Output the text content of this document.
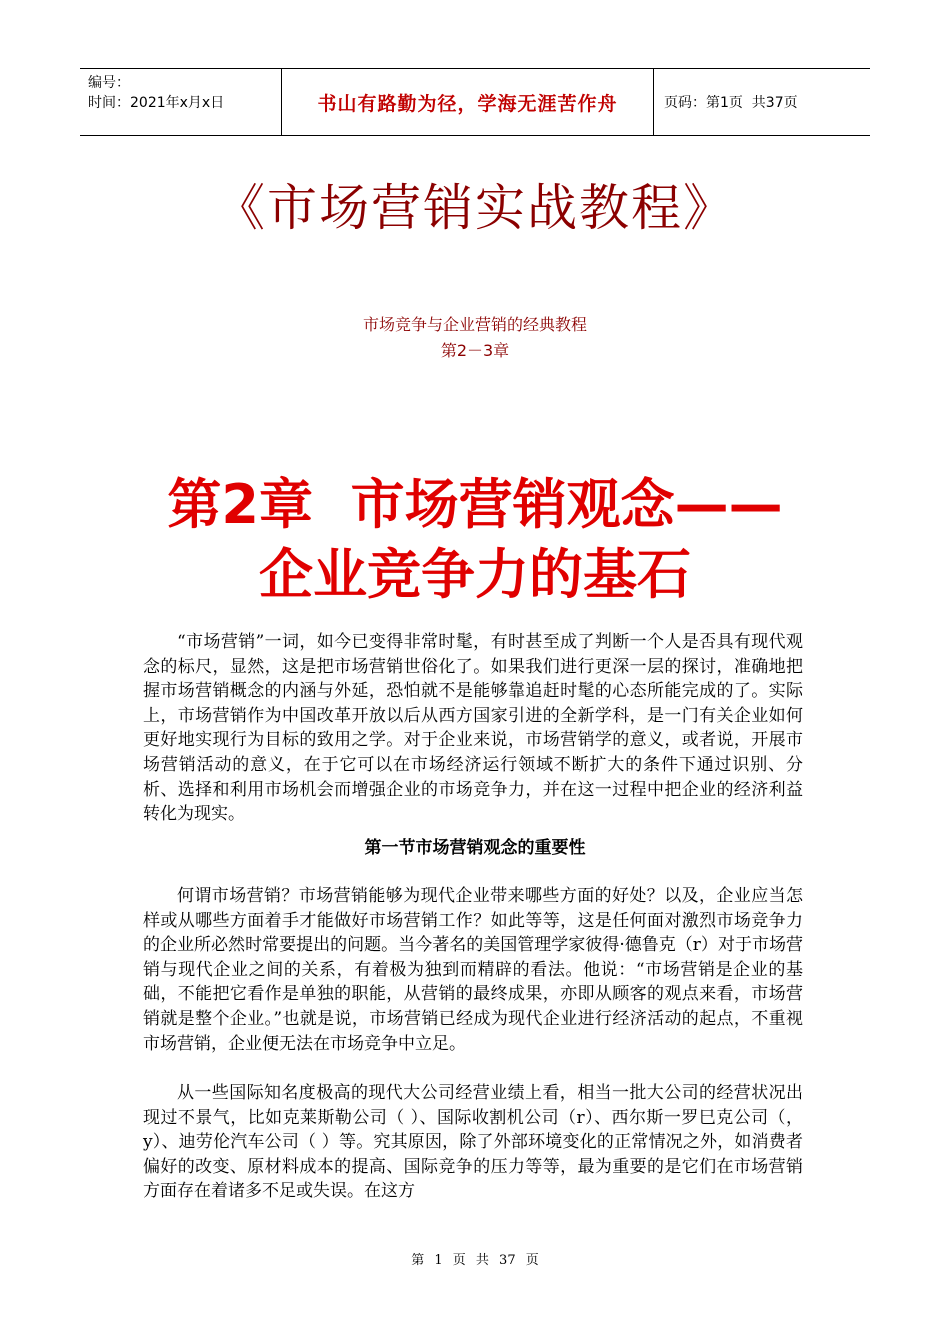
编号：
时间：2021年x月x日	书山有路勤为径，学海无涯苦作舟	页码：第1页  共37页
《市场营销实战教程》
市场竞争与企业营销的经典教程
第2－3章
第2章  市场营销观念——
企业竞争力的基石
“市场营销”一词，如今已变得非常时髦，有时甚至成了判断一个人是否具有现代观念的标尺，显然，这是把市场营销世俗化了。如果我们进行更深一层的探讨，准确地把握市场营销概念的内涵与外延，恐怕就不是能够靠追赶时髦的心态所能完成的了。实际上，市场营销作为中国改革开放以后从西方国家引进的全新学科，是一门有关企业如何更好地实现行为目标的致用之学。对于企业来说，市场营销学的意义，或者说，开展市场营销活动的意义，在于它可以在市场经济运行领域不断扩大的条件下通过识别、分析、选择和利用市场机会而增强企业的市场竞争力，并在这一过程中把企业的经济利益转化为现实。
第一节市场营销观念的重要性
何谓市场营销？市场营销能够为现代企业带来哪些方面的好处？以及，企业应当怎样或从哪些方面着手才能做好市场营销工作？如此等等，这是任何面对激烈市场竞争力的企业所必然时常要提出的问题。当今著名的美国管理学家彼得·德鲁克（r）对于市场营销与现代企业之间的关系，有着极为独到而精辟的看法。他说：“市场营销是企业的基础，不能把它看作是单独的职能，从营销的最终成果，亦即从顾客的观点来看，市场营销就是整个企业。”也就是说，市场营销已经成为现代企业进行经济活动的起点，不重视市场营销，企业便无法在市场竞争中立足。
从一些国际知名度极高的现代大公司经营业绩上看，相当一批大公司的经营状况出现过不景气，比如克莱斯勒公司（ ）、国际收割机公司（r）、西尔斯一罗巳克公司（， y）、迪劳伦汽车公司（ ）等。究其原因，除了外部环境变化的正常情况之外，如消费者偏好的改变、原材料成本的提高、国际竞争的压力等等，最为重要的是它们在市场营销方面存在着诸多不足或失误。在这方
第 1 页 共 37 页
